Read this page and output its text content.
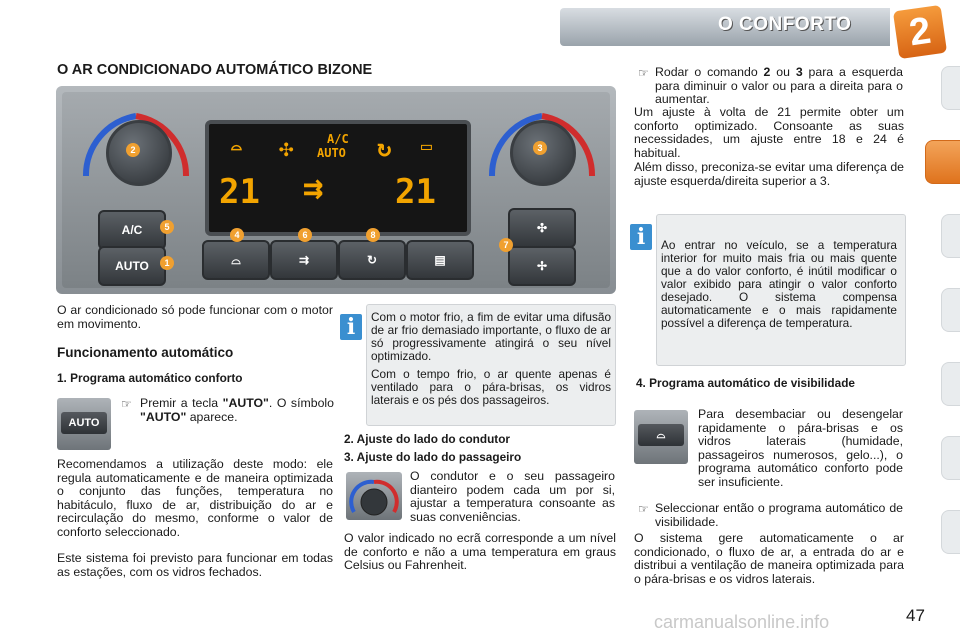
O CONFORTO	2
O AR CONDICIONADO AUTOMÁTICO BIZONE
2	3
A/C
AUTO
21	21
⌓ ✣	↻ ▭
⇉
A/C
AUTO
5
1	⌓	⇉	↻	▤
4	6	8	✣
✢
7

O ar condicionado só pode funcionar com o motor em movimento.

Funcionamento automático
1. Programa automático conforto
AUTO
☞ Premir a tecla "AUTO". O símbolo "AUTO" aparece.

Recomendamos a utilização deste modo: ele regula automaticamente e de maneira optimizada o conjunto das funções, temperatura no habitáculo, fluxo de ar, distribuição do ar e recirculação do mesmo, conforme o valor de conforto seleccionado.

Este sistema foi previsto para funcionar em todas as estações, com os vidros fechados.

i	Com o motor frio, a fim de evitar uma difusão de ar frio demasiado importante, o fluxo de ar só progressivamente atingirá o seu nível optimizado.

Com o tempo frio, o ar quente apenas é ventilado para o pára-brisas, os vidros laterais e os pés dos passageiros.

2. Ajuste do lado do condutor
3. Ajuste do lado do passageiro

O condutor e o seu passageiro dianteiro podem cada um por si, ajustar a temperatura consoante as suas conveniências.

O valor indicado no ecrã corresponde a um nível de conforto e não a uma temperatura em graus Celsius ou Fahrenheit.

☞ Rodar o comando 2 ou 3 para a esquerda para diminuir o valor ou para a direita para o aumentar.

Um ajuste à volta de 21 permite obter um conforto optimizado. Consoante as suas necessidades, um ajuste entre 18 e 24 é habitual.

Além disso, preconiza-se evitar uma diferença de ajuste esquerda/direita superior a 3.

i	Ao entrar no veículo, se a temperatura interior for muito mais fria ou mais quente que a do valor conforto, é inútil modificar o valor exibido para atingir o valor conforto desejado. O sistema compensa automaticamente e o mais rapidamente possível a diferença de temperatura.

4. Programa automático de visibilidade
⌓

Para desembaciar ou desengelar rapidamente o pára-brisas e os vidros laterais (humidade, passageiros numerosos, gelo...), o programa automático conforto pode ser insuficiente.

☞ Seleccionar então o programa automático de visibilidade.

O sistema gere automaticamente o ar condicionado, o fluxo de ar, a entrada do ar e distribui a ventilação de maneira optimizada para o pára-brisas e os vidros laterais.

carmanualsonline.info	47
